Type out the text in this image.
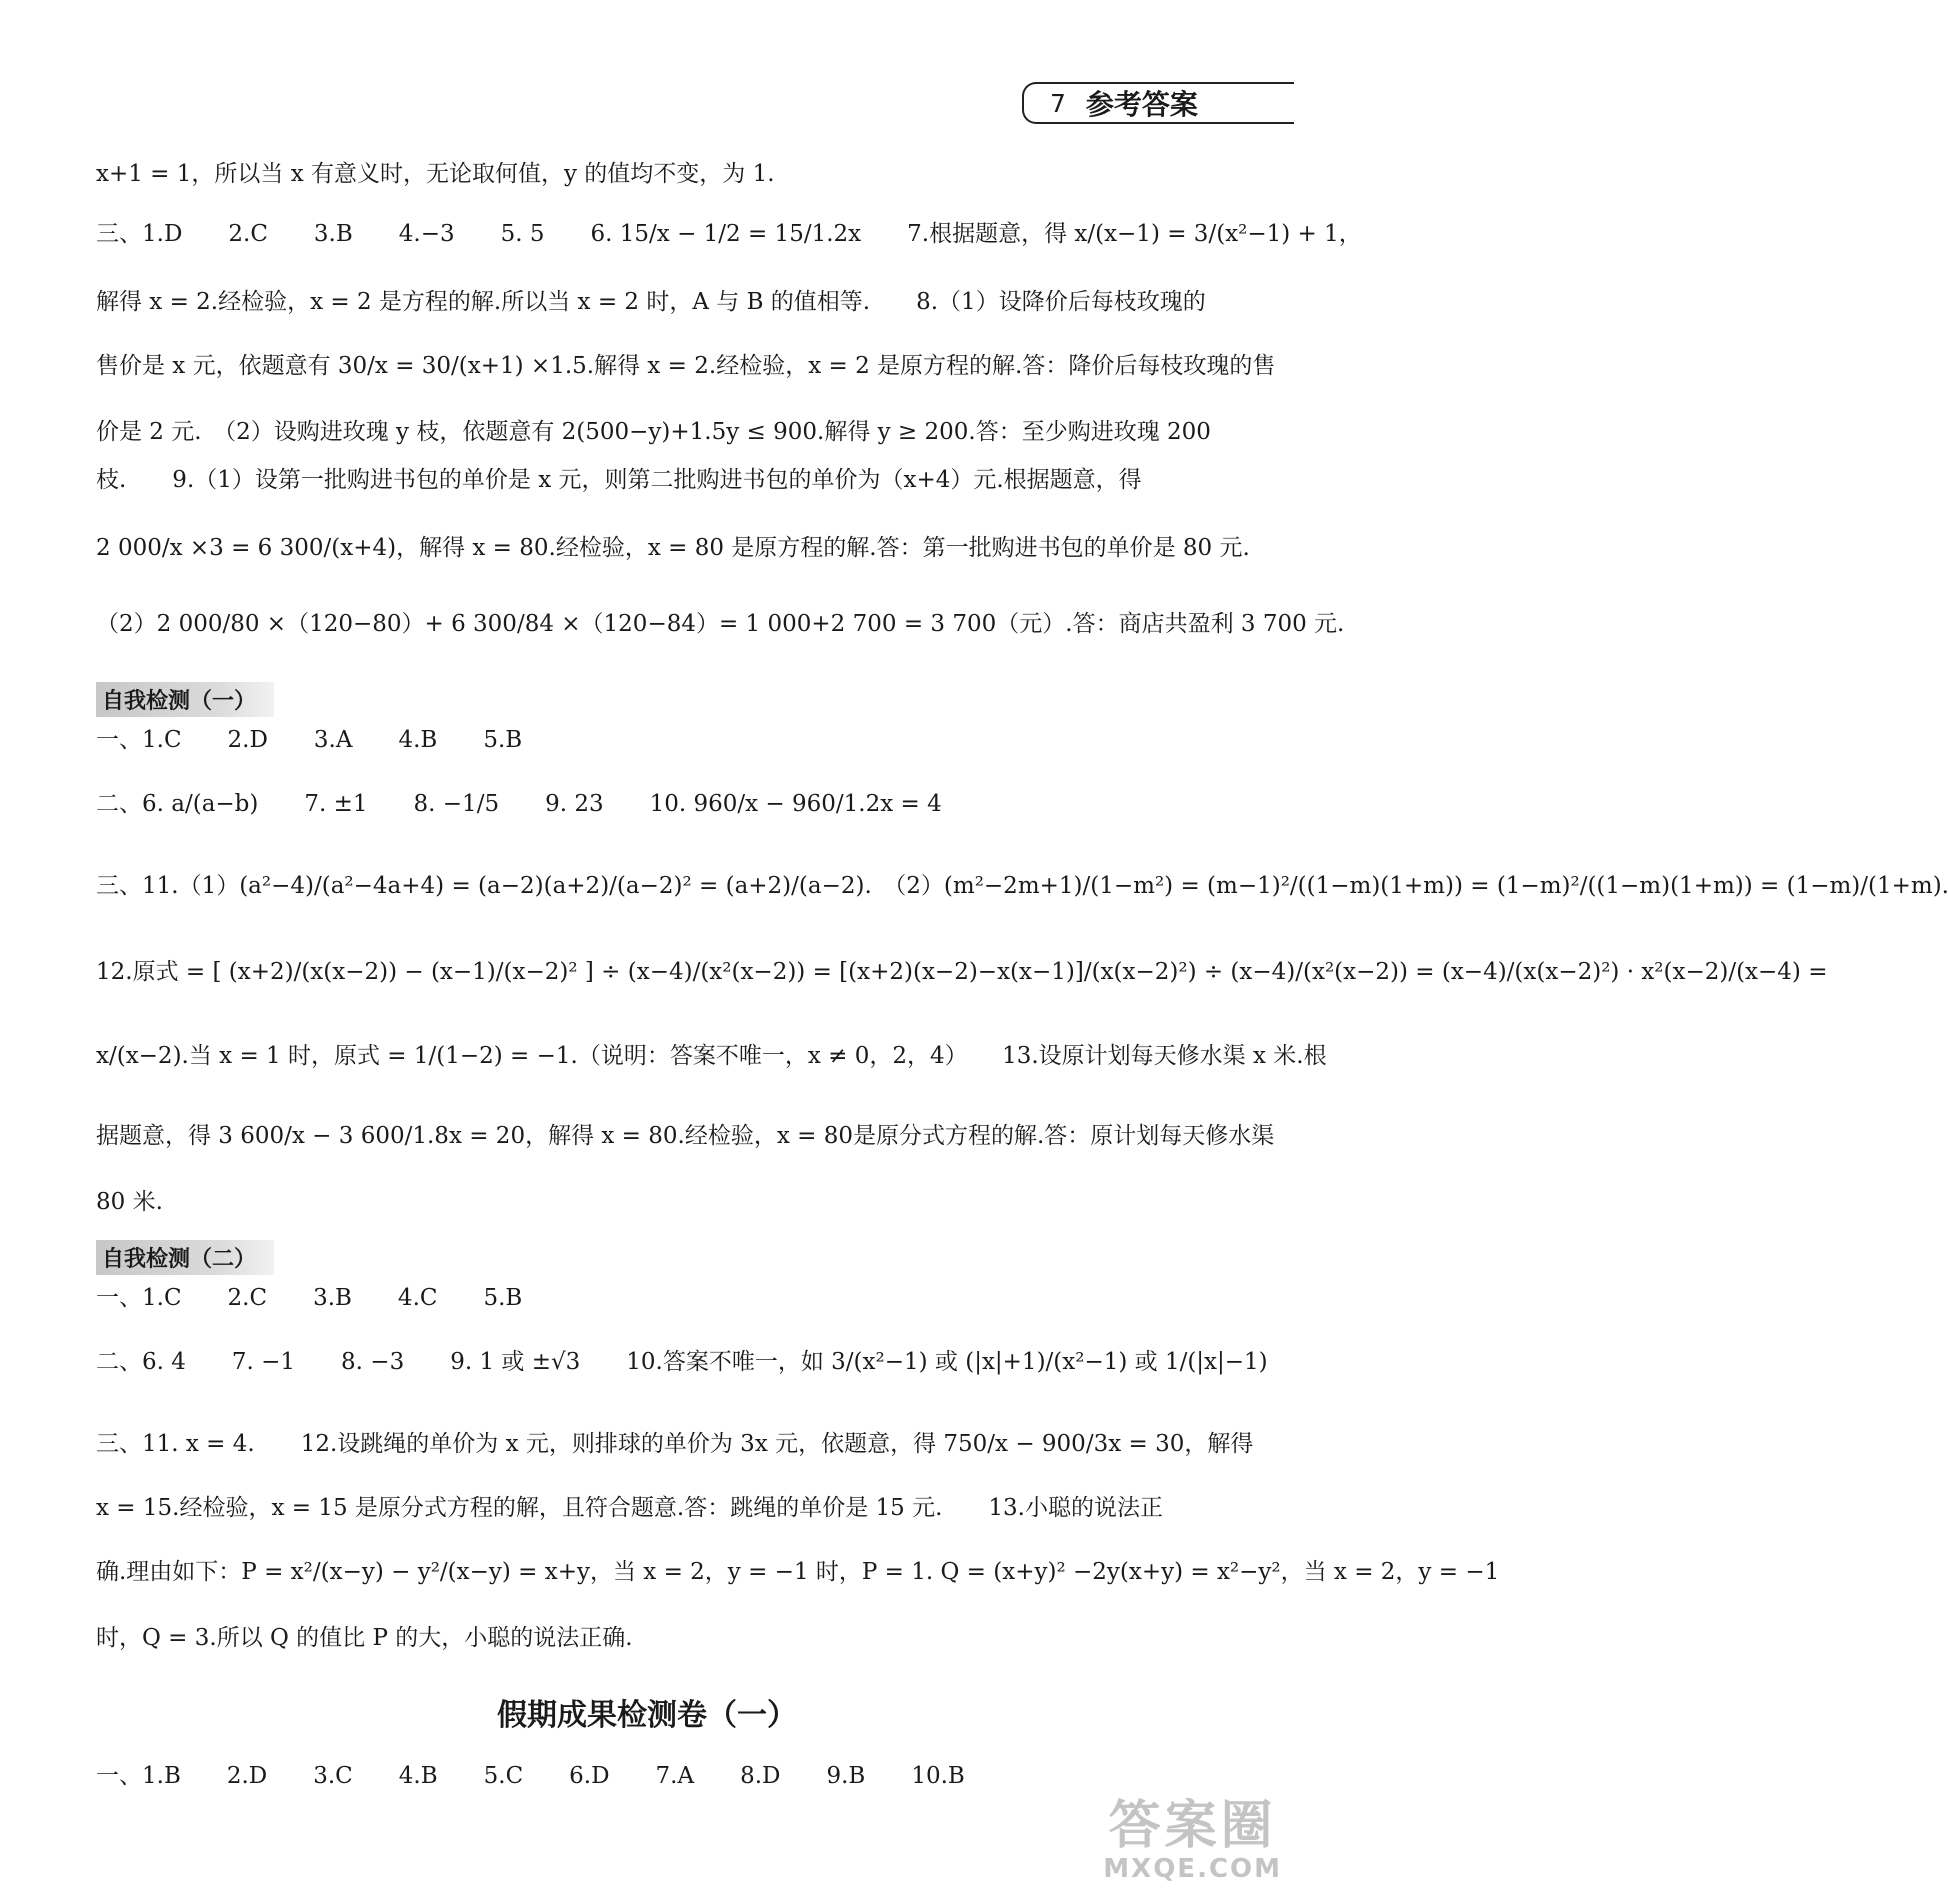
7 参考答案
x+1 = 1，所以当 x 有意义时，无论取何值，y 的值均不变，为 1.
三、1.D　　2.C　　3.B　　4.−3　　5. 5　　6. 15/x − 1/2 = 15/1.2x　　7.根据题意，得 x/(x−1) = 3/(x²−1) + 1，
解得 x = 2.经检验，x = 2 是方程的解.所以当 x = 2 时，A 与 B 的值相等.　　8.（1）设降价后每枝玫瑰的
售价是 x 元，依题意有 30/x = 30/(x+1) ×1.5.解得 x = 2.经检验，x = 2 是原方程的解.答：降价后每枝玫瑰的售
价是 2 元.　（2）设购进玫瑰 y 枝，依题意有 2(500−y)+1.5y ≤ 900.解得 y ≥ 200.答：至少购进玫瑰 200
枝.　　9.（1）设第一批购进书包的单价是 x 元，则第二批购进书包的单价为（x+4）元.根据题意，得
2 000/x ×3 = 6 300/(x+4)，解得 x = 80.经检验，x = 80 是原方程的解.答：第一批购进书包的单价是 80 元.
（2）2 000/80 ×（120−80）+ 6 300/84 ×（120−84）= 1 000+2 700 = 3 700（元）.答：商店共盈利 3 700 元.
自我检测（一）
一、1.C　　2.D　　3.A　　4.B　　5.B
二、6. a/(a−b)　　7. ±1　　8. −1/5　　9. 23　　10. 960/x − 960/1.2x = 4
三、11.（1）(a²−4)/(a²−4a+4) = (a−2)(a+2)/(a−2)² = (a+2)/(a−2).　（2）(m²−2m+1)/(1−m²) = (m−1)²/((1−m)(1+m)) = (1−m)²/((1−m)(1+m)) = (1−m)/(1+m).
12.原式 = [ (x+2)/(x(x−2)) − (x−1)/(x−2)² ] ÷ (x−4)/(x²(x−2)) = [(x+2)(x−2)−x(x−1)]/(x(x−2)²) ÷ (x−4)/(x²(x−2)) = (x−4)/(x(x−2)²) · x²(x−2)/(x−4) =
x/(x−2).当 x = 1 时，原式 = 1/(1−2) = −1.（说明：答案不唯一，x ≠ 0，2，4）　　13.设原计划每天修水渠 x 米.根
据题意，得 3 600/x − 3 600/1.8x = 20，解得 x = 80.经检验，x = 80是原分式方程的解.答：原计划每天修水渠
80 米.
自我检测（二）
一、1.C　　2.C　　3.B　　4.C　　5.B
二、6. 4　　7. −1　　8. −3　　9. 1 或 ±√3　　10.答案不唯一，如 3/(x²−1) 或 (|x|+1)/(x²−1) 或 1/(|x|−1)
三、11. x = 4.　　12.设跳绳的单价为 x 元，则排球的单价为 3x 元，依题意，得 750/x − 900/3x = 30，解得
x = 15.经检验，x = 15 是原分式方程的解，且符合题意.答：跳绳的单价是 15 元.　　13.小聪的说法正
确.理由如下：P = x²/(x−y) − y²/(x−y) = x+y，当 x = 2，y = −1 时，P = 1. Q = (x+y)² −2y(x+y) = x²−y²，当 x = 2，y = −1
时，Q = 3.所以 Q 的值比 P 的大，小聪的说法正确.
假期成果检测卷（一）
一、1.B　　2.D　　3.C　　4.B　　5.C　　6.D　　7.A　　8.D　　9.B　　10.B
答案圈
MXQE.COM
